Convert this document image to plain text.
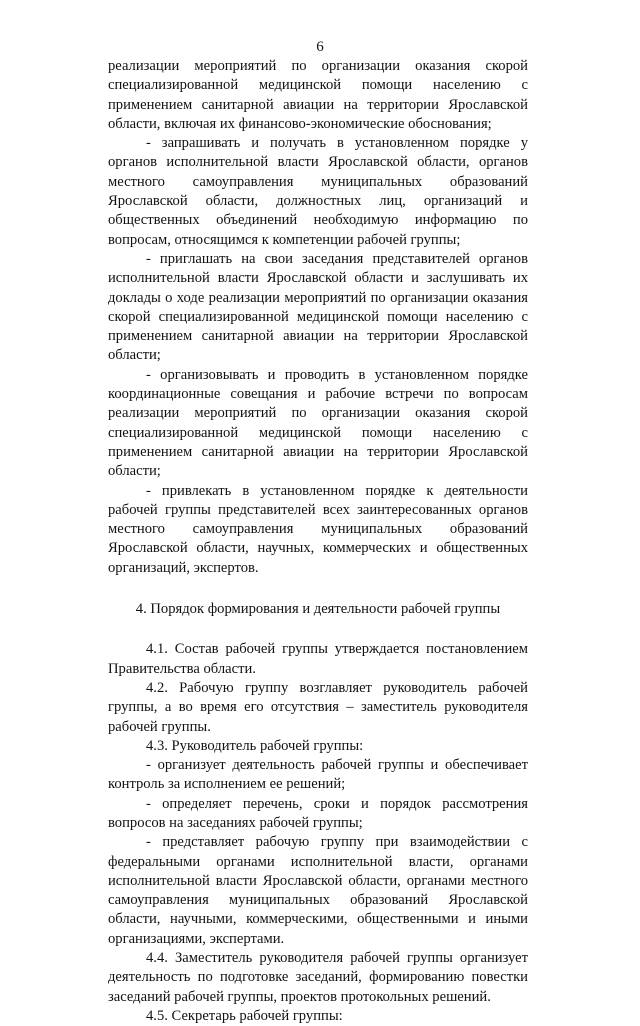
6

реализации мероприятий по организации оказания скорой специализированной медицинской помощи населению с применением санитарной авиации на территории Ярославской области, включая их финансово-экономические обоснования;

- запрашивать и получать в установленном порядке у органов исполнительной власти Ярославской области, органов местного самоуправления муниципальных образований Ярославской области, должностных лиц, организаций и общественных объединений необходимую информацию по вопросам, относящимся к компетенции рабочей группы;

- приглашать на свои заседания представителей органов исполнительной власти Ярославской области и заслушивать их доклады о ходе реализации мероприятий по организации оказания скорой специализированной медицинской помощи населению с применением санитарной авиации на территории Ярославской области;

- организовывать и проводить в установленном порядке координационные совещания и рабочие встречи по вопросам реализации мероприятий по организации оказания скорой специализированной медицинской помощи населению с применением санитарной авиации на территории Ярославской области;

- привлекать в установленном порядке к деятельности рабочей группы представителей всех заинтересованных органов местного самоуправления муниципальных образований Ярославской области, научных, коммерческих и общественных организаций, экспертов.

4. Порядок формирования и деятельности рабочей группы

4.1. Состав рабочей группы утверждается постановлением Правительства области.

4.2. Рабочую группу возглавляет руководитель рабочей группы, а во время его отсутствия – заместитель руководителя рабочей группы.

4.3. Руководитель рабочей группы:

- организует деятельность рабочей группы и обеспечивает контроль за исполнением ее решений;

- определяет перечень, сроки и порядок рассмотрения вопросов на заседаниях рабочей группы;

- представляет рабочую группу при взаимодействии с федеральными органами исполнительной власти, органами исполнительной власти Ярославской области, органами местного самоуправления муниципальных образований Ярославской области, научными, коммерческими, общественными и иными организациями, экспертами.

4.4. Заместитель руководителя рабочей группы организует деятельность по подготовке заседаний, формированию повестки заседаний рабочей группы, проектов протокольных решений.

4.5. Секретарь рабочей группы:
